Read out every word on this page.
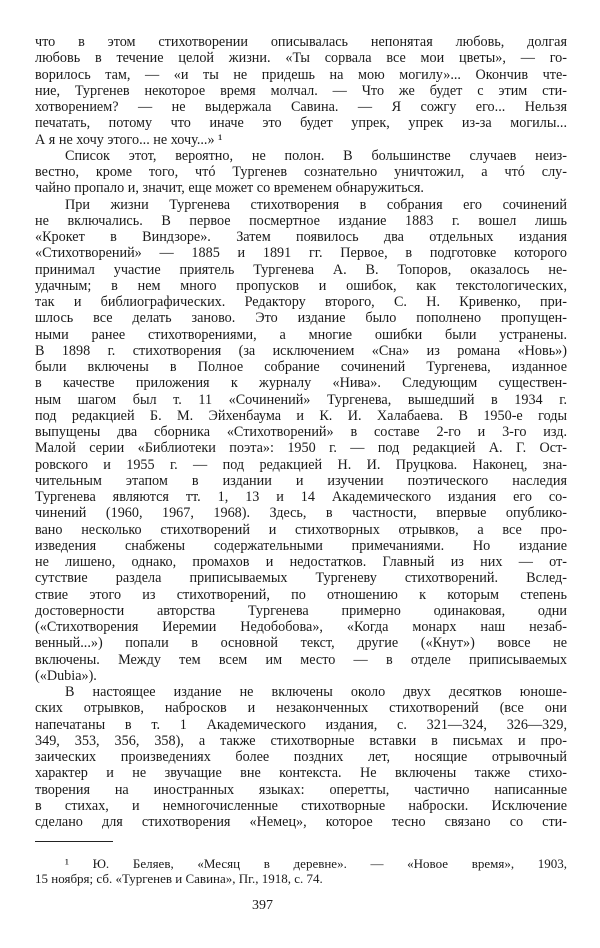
что в этом стихотворении описывалась непонятая любовь, долгая
любовь в течение целой жизни. «Ты сорвала все мои цветы», — го-
ворилось там, — «и ты не придешь на мою могилу»... Окончив чте-
ние, Тургенев некоторое время молчал. — Что же будет с этим сти-
хотворением? — не выдержала Савина. — Я сожгу его... Нельзя
печатать, потому что иначе это будет упрек, упрек из-за могилы...
А я не хочу этого... не хочу...» ¹
Список этот, вероятно, не полон. В большинстве случаев неиз-
вестно, кроме того, чтó Тургенев сознательно уничтожил, а чтó слу-
чайно пропало и, значит, еще может со временем обнаружиться.
При жизни Тургенева стихотворения в собрания его сочинений
не включались. В первое посмертное издание 1883 г. вошел лишь
«Крокет в Виндзоре». Затем появилось два отдельных издания
«Стихотворений» — 1885 и 1891 гг. Первое, в подготовке которого
принимал участие приятель Тургенева А. В. Топоров, оказалось не-
удачным; в нем много пропусков и ошибок, как текстологических,
так и библиографических. Редактору второго, С. Н. Кривенко, при-
шлось все делать заново. Это издание было пополнено пропущен-
ными ранее стихотворениями, а многие ошибки были устранены.
В 1898 г. стихотворения (за исключением «Сна» из романа «Новь»)
были включены в Полное собрание сочинений Тургенева, изданное
в качестве приложения к журналу «Нива». Следующим существен-
ным шагом был т. 11 «Сочинений» Тургенева, вышедший в 1934 г.
под редакцией Б. М. Эйхенбаума и К. И. Халабаева. В 1950-е годы
выпущены два сборника «Стихотворений» в составе 2-го и 3-го изд.
Малой серии «Библиотеки поэта»: 1950 г. — под редакцией А. Г. Ост-
ровского и 1955 г. — под редакцией Н. И. Пруцкова. Наконец, зна-
чительным этапом в издании и изучении поэтического наследия
Тургенева являются тт. 1, 13 и 14 Академического издания его со-
чинений (1960, 1967, 1968). Здесь, в частности, впервые опублико-
вано несколько стихотворений и стихотворных отрывков, а все про-
изведения снабжены содержательными примечаниями. Но издание
не лишено, однако, промахов и недостатков. Главный из них — от-
сутствие раздела приписываемых Тургеневу стихотворений. Вслед-
ствие этого из стихотворений, по отношению к которым степень
достоверности авторства Тургенева примерно одинаковая, одни
(«Стихотворения Иеремии Недобобова», «Когда монарх наш незаб-
венный...») попали в основной текст, другие («Кнут») вовсе не
включены. Между тем всем им место — в отделе приписываемых
(«Dubia»).
В настоящее издание не включены около двух десятков юноше-
ских отрывков, набросков и незаконченных стихотворений (все они
напечатаны в т. 1 Академического издания, с. 321—324, 326—329,
349, 353, 356, 358), а также стихотворные вставки в письмах и про-
заических произведениях более поздних лет, носящие отрывочный
характер и не звучащие вне контекста. Не включены также стихо-
творения на иностранных языках: оперетты, частично написанные
в стихах, и немногочисленные стихотворные наброски. Исключение
сделано для стихотворения «Немец», которое тесно связано со сти-
¹ Ю. Беляев, «Месяц в деревне». — «Новое время», 1903,
15 ноября; сб. «Тургенев и Савина», Пг., 1918, с. 74.
397
